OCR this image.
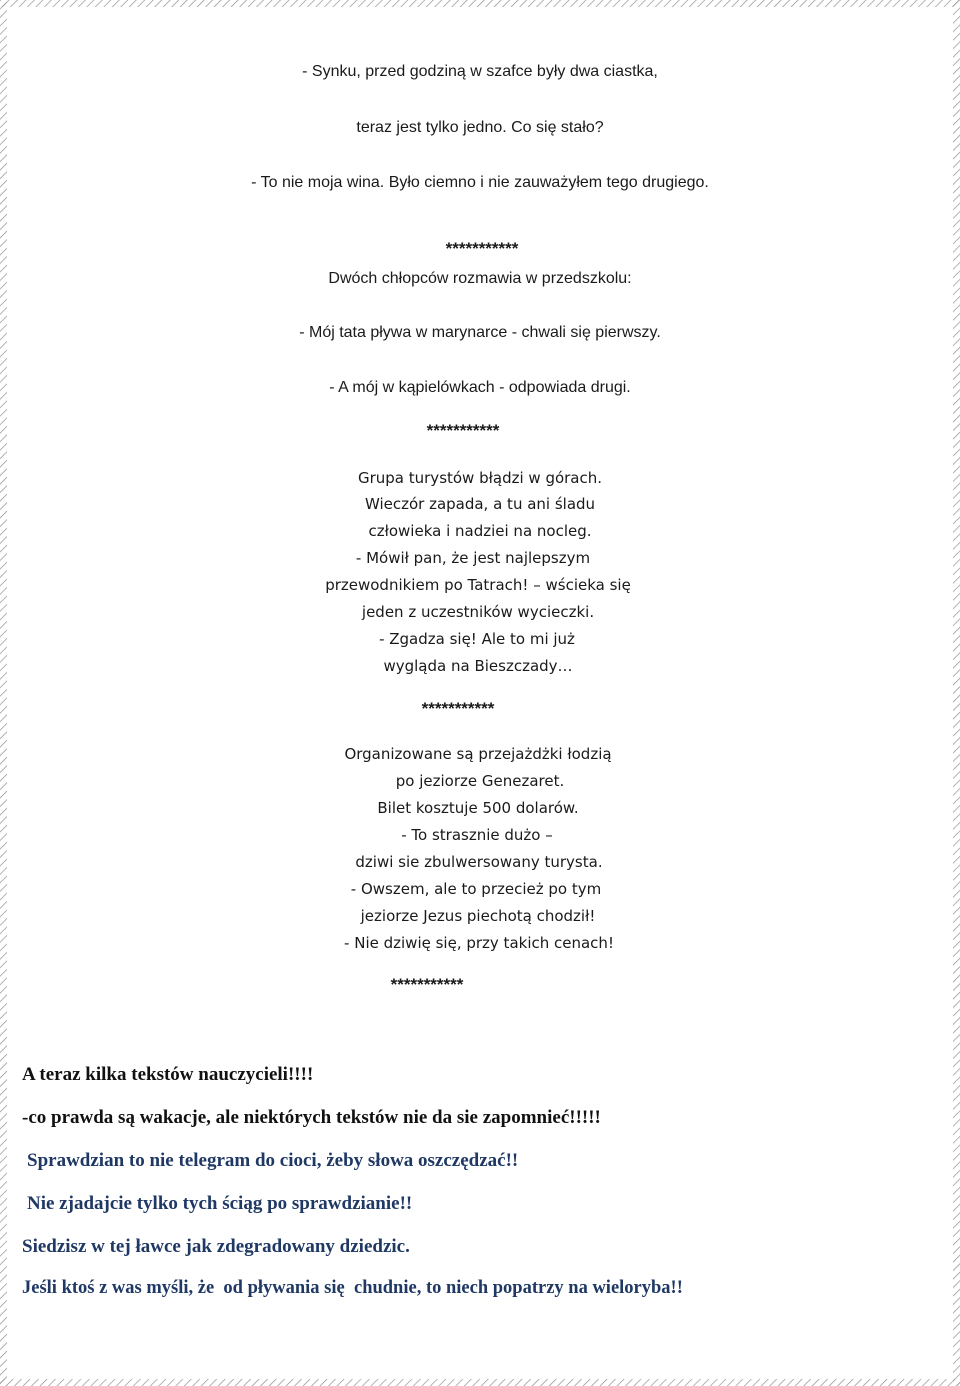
- Synku, przed godziną w szafce były dwa ciastka,
teraz jest tylko jedno. Co się stało?
- To nie moja wina. Było ciemno i nie zauważyłem tego drugiego.
***********
Dwóch chłopców rozmawia w przedszkolu:
- Mój tata pływa w marynarce - chwali się pierwszy.
- A mój w kąpielówkach - odpowiada drugi.
***********
Grupa turystów błądzi w górach.
Wieczór zapada, a tu ani śladu
człowieka i nadziei na nocleg.
- Mówił pan, że jest najlepszym
przewodnikiem po Tatrach! – wścieka się
jeden z uczestników wycieczki.
- Zgadza się! Ale to mi już
wygląda na Bieszczady…
***********
Organizowane są przejażdżki łodzią
po jeziorze Genezaret.
Bilet kosztuje 500 dolarów.
- To strasznie dużo –
dziwi sie zbulwersowany turysta.
- Owszem, ale to przecież po tym
jeziorze Jezus piechotą chodził!
- Nie dziwię się, przy takich cenach!
***********
A teraz kilka tekstów nauczycieli!!!!
-co prawda są wakacje, ale niektórych tekstów nie da sie zapomnieć!!!!!
Sprawdzian to nie telegram do cioci, żeby słowa oszczędzać!!
Nie zjadajcie tylko tych ściąg po sprawdzianie!!
Siedzisz w tej ławce jak zdegradowany dziedzic.
Jeśli ktoś z was myśli, że  od pływania się  chudnie, to niech popatrzy na wieloryba!!
